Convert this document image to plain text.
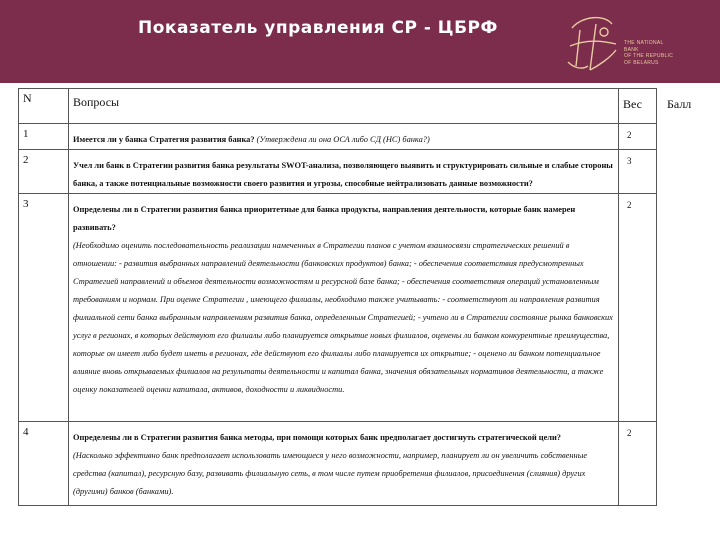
Показатель управления СР - ЦБРФ
THE NATIONAL
BANK
OF THE REPUBLIC
OF BELARUS
N	Вопросы	Вес	Балл
1	Имеется ли у банка Стратегия развития банка? (Утверждена ли она ОСА либо СД (НС) банка?)	2	
2	Учел ли банк в Стратегии развития банка результаты SWOT-анализа, позволяющего выявить и структурировать сильные и слабые стороны банка, а также потенциальные возможности своего развития и угрозы, способные нейтрализовать данные возможности?	3	
3	Определены ли в Стратегии развития банка приоритетные для банка продукты, направления деятельности, которые банк намерен развивать?
(Необходимо оценить последовательность реализации намеченных в Стратегии планов с учетом взаимосвязи стратегических решений в отношении: - развития выбранных направлений деятельности (банковских продуктов) банка; - обеспечения соответствия предусмотренных Стратегией направлений и объемов деятельности возможностям и ресурсной базе банка; - обеспечения соответствия операций установленным требованиям и нормам. При оценке Стратегии , имеющего филиалы, необходимо также учитывать: - соответствуют ли направления развития филиальной сети банка выбранным направлениям развития банка, определенным Стратегией; - учтено ли в Стратегии состояние рынка банковских услуг в регионах, в которых действуют его филиалы либо планируется открытие новых филиалов, оценены ли банком конкурентные преимущества, которые он имеет либо будет иметь в регионах, где действуют его филиалы либо планируется их открытие; - оценено ли банком потенциальное влияние вновь открываемых филиалов на результаты деятельности и капитал банка, значения обязательных нормативов деятельности, а также оценку показателей оценки капитала, активов, доходности и ликвидности.	2	
4	Определены ли в Стратегии развития банка методы, при помощи которых банк предполагает достигнуть стратегической цели?
(Насколько эффективно банк предполагает использовать имеющиеся у него возможности, например, планирует ли он увеличить собственные средства (капитал), ресурсную базу, развивать филиальную сеть, в том числе путем приобретения филиалов, присоединения (слияния) других (другими) банков (банками).	2	
